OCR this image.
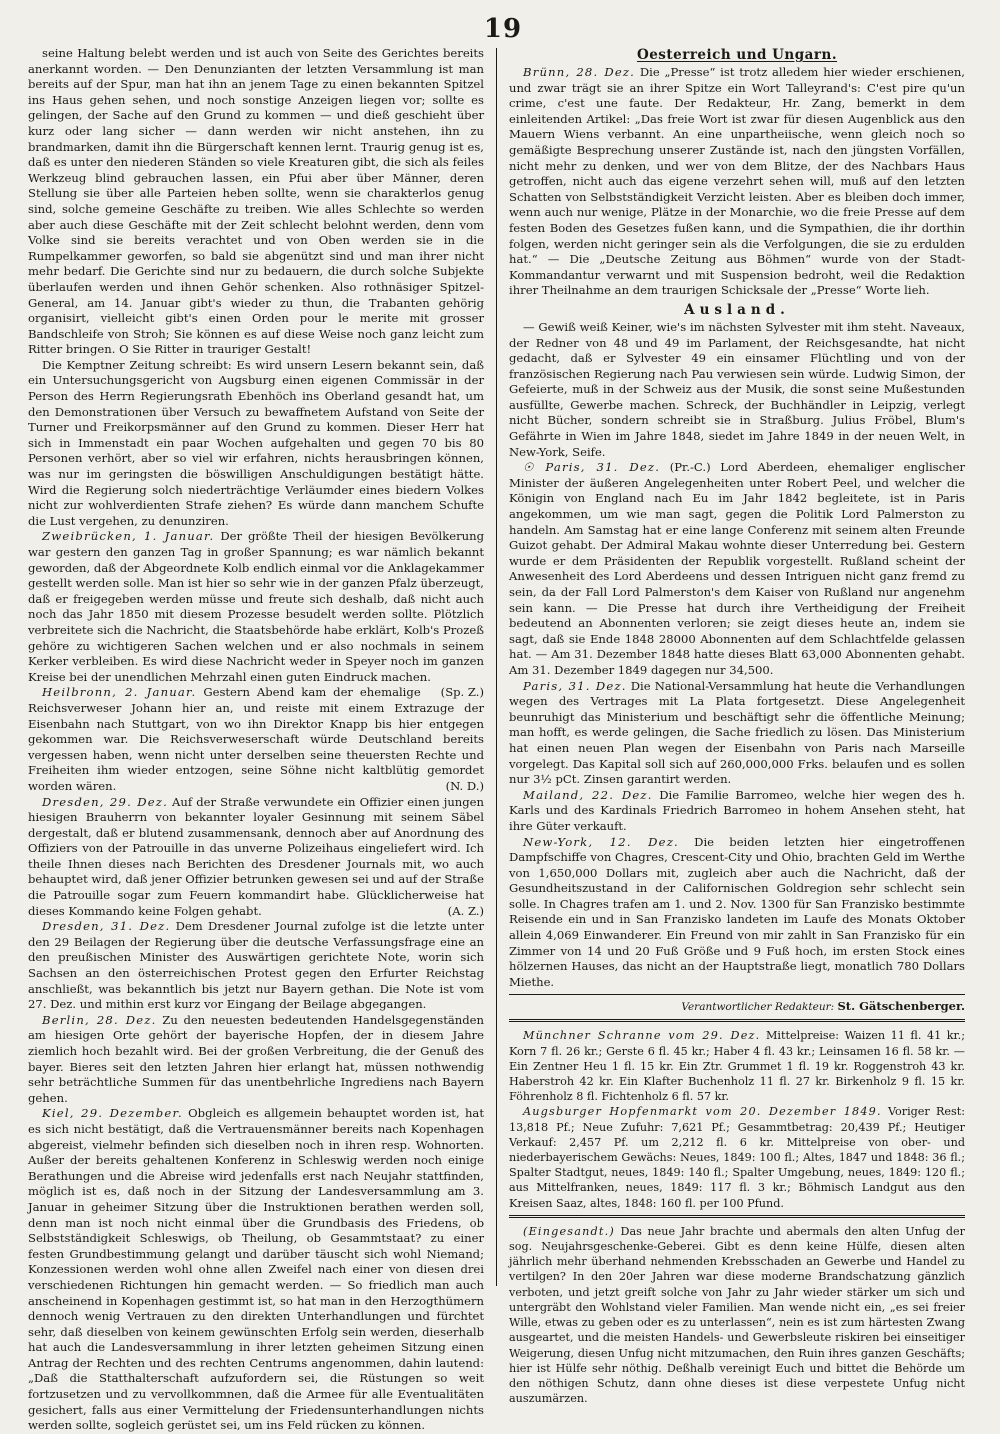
19

seine Haltung belebt werden und ist auch von Seite des Gerichtes bereits anerkannt worden. — Den Denunzianten der letzten Versammlung ist man bereits auf der Spur, man hat ihn an jenem Tage zu einen bekannten Spitzel ins Haus gehen sehen, und noch sonstige Anzeigen liegen vor; sollte es gelingen, der Sache auf den Grund zu kommen — und dieß geschieht über kurz oder lang sicher — dann werden wir nicht anstehen, ihn zu brandmarken, damit ihn die Bürgerschaft kennen lernt. Traurig genug ist es, daß es unter den niederen Ständen so viele Kreaturen gibt, die sich als feiles Werkzeug blind gebrauchen lassen, ein Pfui aber über Männer, deren Stellung sie über alle Parteien heben sollte, wenn sie charakterlos genug sind, solche gemeine Geschäfte zu treiben. Wie alles Schlechte so werden aber auch diese Geschäfte mit der Zeit schlecht belohnt werden, denn vom Volke sind sie bereits verachtet und von Oben werden sie in die Rumpelkammer geworfen, so bald sie abgenützt sind und man ihrer nicht mehr bedarf. Die Gerichte sind nur zu bedauern, die durch solche Subjekte überlaufen werden und ihnen Gehör schenken. Also rothnäsiger Spitzel-General, am 14. Januar gibt's wieder zu thun, die Trabanten gehörig organisirt, vielleicht gibt's einen Orden pour le merite mit grosser Bandschleife von Stroh; Sie können es auf diese Weise noch ganz leicht zum Ritter bringen. O Sie Ritter in trauriger Gestalt!

Die Kemptner Zeitung schreibt: Es wird unsern Lesern bekannt sein, daß ein Untersuchungsgericht von Augsburg einen eigenen Commissär in der Person des Herrn Regierungsrath Ebenhöch ins Oberland gesandt hat, um den Demonstrationen über Versuch zu bewaffnetem Aufstand von Seite der Turner und Freikorpsmänner auf den Grund zu kommen. Dieser Herr hat sich in Immenstadt ein paar Wochen aufgehalten und gegen 70 bis 80 Personen verhört, aber so viel wir erfahren, nichts herausbringen können, was nur im geringsten die böswilligen Anschuldigungen bestätigt hätte. Wird die Regierung solch niederträchtige Verläumder eines biedern Volkes nicht zur wohlverdienten Strafe ziehen? Es würde dann manchem Schufte die Lust vergehen, zu denunziren.

Zweibrücken, 1. Januar. Der größte Theil der hiesigen Bevölkerung war gestern den ganzen Tag in großer Spannung; es war nämlich bekannt geworden, daß der Abgeordnete Kolb endlich einmal vor die Anklagekammer gestellt werden solle. Man ist hier so sehr wie in der ganzen Pfalz überzeugt, daß er freigegeben werden müsse und freute sich deshalb, daß nicht auch noch das Jahr 1850 mit diesem Prozesse besudelt werden sollte. Plötzlich verbreitete sich die Nachricht, die Staatsbehörde habe erklärt, Kolb's Prozeß gehöre zu wichtigeren Sachen welchen und er also nochmals in seinem Kerker verbleiben. Es wird diese Nachricht weder in Speyer noch im ganzen Kreise bei der unendlichen Mehrzahl einen guten Eindruck machen.
(Sp. Z.)

Heilbronn, 2. Januar. Gestern Abend kam der ehemalige Reichsverweser Johann hier an, und reiste mit einem Extrazuge der Eisenbahn nach Stuttgart, von wo ihn Direktor Knapp bis hier entgegen gekommen war. Die Reichsverweserschaft würde Deutschland bereits vergessen haben, wenn nicht unter derselben seine theuersten Rechte und Freiheiten ihm wieder entzogen, seine Söhne nicht kaltblütig gemordet worden wären.	(N. D.)

Dresden, 29. Dez. Auf der Straße verwundete ein Offizier einen jungen hiesigen Brauherrn von bekannter loyaler Gesinnung mit seinem Säbel dergestalt, daß er blutend zusammensank, dennoch aber auf Anordnung des Offiziers von der Patrouille in das unverne Polizeihaus eingeliefert wird. Ich theile Ihnen dieses nach Berichten des Dresdener Journals mit, wo auch behauptet wird, daß jener Offizier betrunken gewesen sei und auf der Straße die Patrouille sogar zum Feuern kommandirt habe. Glücklicherweise hat dieses Kommando keine Folgen gehabt.	(A. Z.)

Dresden, 31. Dez. Dem Dresdener Journal zufolge ist die letzte unter den 29 Beilagen der Regierung über die deutsche Verfassungsfrage eine an den preußischen Minister des Auswärtigen gerichtete Note, worin sich Sachsen an den österreichischen Protest gegen den Erfurter Reichstag anschließt, was bekanntlich bis jetzt nur Bayern gethan. Die Note ist vom 27. Dez. und mithin erst kurz vor Eingang der Beilage abgegangen.

Berlin, 28. Dez. Zu den neuesten bedeutenden Handelsgegenständen am hiesigen Orte gehört der bayerische Hopfen, der in diesem Jahre ziemlich hoch bezahlt wird. Bei der großen Verbreitung, die der Genuß des bayer. Bieres seit den letzten Jahren hier erlangt hat, müssen nothwendig sehr beträchtliche Summen für das unentbehrliche Ingrediens nach Bayern gehen.

Kiel, 29. Dezember. Obgleich es allgemein behauptet worden ist, hat es sich nicht bestätigt, daß die Vertrauensmänner bereits nach Kopenhagen abgereist, vielmehr befinden sich dieselben noch in ihren resp. Wohnorten. Außer der bereits gehaltenen Konferenz in Schleswig werden noch einige Berathungen und die Abreise wird jedenfalls erst nach Neujahr stattfinden, möglich ist es, daß noch in der Sitzung der Landesversammlung am 3. Januar in geheimer Sitzung über die Instruktionen berathen werden soll, denn man ist noch nicht einmal über die Grundbasis des Friedens, ob Selbstständigkeit Schleswigs, ob Theilung, ob Gesammtstaat? zu einer festen Grundbestimmung gelangt und darüber täuscht sich wohl Niemand; Konzessionen werden wohl ohne allen Zweifel nach einer von diesen drei verschiedenen Richtungen hin gemacht werden. — So friedlich man auch anscheinend in Kopenhagen gestimmt ist, so hat man in den Herzogthümern dennoch wenig Vertrauen zu den direkten Unterhandlungen und fürchtet sehr, daß dieselben von keinem gewünschten Erfolg sein werden, dieserhalb hat auch die Landesversammlung in ihrer letzten geheimen Sitzung einen Antrag der Rechten und des rechten Centrums angenommen, dahin lautend: „Daß die Statthalterschaft aufzufordern sei, die Rüstungen so weit fortzusetzen und zu vervollkommnen, daß die Armee für alle Eventualitäten gesichert, falls aus einer Vermittelung der Friedensunterhandlungen nichts werden sollte, sogleich gerüstet sei, um ins Feld rücken zu können.

Oesterreich und Ungarn.

Brünn, 28. Dez. Die „Presse“ ist trotz alledem hier wieder erschienen, und zwar trägt sie an ihrer Spitze ein Wort Talleyrand's: C'est pire qu'un crime, c'est une faute. Der Redakteur, Hr. Zang, bemerkt in dem einleitenden Artikel: „Das freie Wort ist zwar für diesen Augenblick aus den Mauern Wiens verbannt. An eine unpartheiische, wenn gleich noch so gemäßigte Besprechung unserer Zustände ist, nach den jüngsten Vorfällen, nicht mehr zu denken, und wer von dem Blitze, der des Nachbars Haus getroffen, nicht auch das eigene verzehrt sehen will, muß auf den letzten Schatten von Selbstständigkeit Verzicht leisten. Aber es bleiben doch immer, wenn auch nur wenige, Plätze in der Monarchie, wo die freie Presse auf dem festen Boden des Gesetzes fußen kann, und die Sympathien, die ihr dorthin folgen, werden nicht geringer sein als die Verfolgungen, die sie zu erdulden hat.“ — Die „Deutsche Zeitung aus Böhmen“ wurde von der Stadt-Kommandantur verwarnt und mit Suspension bedroht, weil die Redaktion ihrer Theilnahme an dem traurigen Schicksale der „Presse“ Worte lieh.

Ausland.

— Gewiß weiß Keiner, wie's im nächsten Sylvester mit ihm steht. Naveaux, der Redner von 48 und 49 im Parlament, der Reichsgesandte, hat nicht gedacht, daß er Sylvester 49 ein einsamer Flüchtling und von der französischen Regierung nach Pau verwiesen sein würde. Ludwig Simon, der Gefeierte, muß in der Schweiz aus der Musik, die sonst seine Mußestunden ausfüllte, Gewerbe machen. Schreck, der Buchhändler in Leipzig, verlegt nicht Bücher, sondern schreibt sie in Straßburg. Julius Fröbel, Blum's Gefährte in Wien im Jahre 1848, siedet im Jahre 1849 in der neuen Welt, in New-York, Seife.

☉ Paris, 31. Dez. (Pr.-C.) Lord Aberdeen, ehemaliger englischer Minister der äußeren Angelegenheiten unter Robert Peel, und welcher die Königin von England nach Eu im Jahr 1842 begleitete, ist in Paris angekommen, um wie man sagt, gegen die Politik Lord Palmerston zu handeln. Am Samstag hat er eine lange Conferenz mit seinem alten Freunde Guizot gehabt. Der Admiral Makau wohnte dieser Unterredung bei. Gestern wurde er dem Präsidenten der Republik vorgestellt. Rußland scheint der Anwesenheit des Lord Aberdeens und dessen Intriguen nicht ganz fremd zu sein, da der Fall Lord Palmerston's dem Kaiser von Rußland nur angenehm sein kann. — Die Presse hat durch ihre Vertheidigung der Freiheit bedeutend an Abonnenten verloren; sie zeigt dieses heute an, indem sie sagt, daß sie Ende 1848 28000 Abonnenten auf dem Schlachtfelde gelassen hat. — Am 31. Dezember 1848 hatte dieses Blatt 63,000 Abonnenten gehabt. Am 31. Dezember 1849 dagegen nur 34,500.

Paris, 31. Dez. Die National-Versammlung hat heute die Verhandlungen wegen des Vertrages mit La Plata fortgesetzt. Diese Angelegenheit beunruhigt das Ministerium und beschäftigt sehr die öffentliche Meinung; man hofft, es werde gelingen, die Sache friedlich zu lösen. Das Ministerium hat einen neuen Plan wegen der Eisenbahn von Paris nach Marseille vorgelegt. Das Kapital soll sich auf 260,000,000 Frks. belaufen und es sollen nur 3½ pCt. Zinsen garantirt werden.

Mailand, 22. Dez. Die Familie Barromeo, welche hier wegen des h. Karls und des Kardinals Friedrich Barromeo in hohem Ansehen steht, hat ihre Güter verkauft.

New-York, 12. Dez. Die beiden letzten hier eingetroffenen Dampfschiffe von Chagres, Crescent-City und Ohio, brachten Geld im Werthe von 1,650,000 Dollars mit, zugleich aber auch die Nachricht, daß der Gesundheitszustand in der Californischen Goldregion sehr schlecht sein solle. In Chagres trafen am 1. und 2. Nov. 1300 für San Franzisko bestimmte Reisende ein und in San Franzisko landeten im Laufe des Monats Oktober allein 4,069 Einwanderer. Ein Freund von mir zahlt in San Franzisko für ein Zimmer von 14 und 20 Fuß Größe und 9 Fuß hoch, im ersten Stock eines hölzernen Hauses, das nicht an der Hauptstraße liegt, monatlich 780 Dollars Miethe.

Verantwortlicher Redakteur: St. Gätschenberger.

Münchner Schranne vom 29. Dez. Mittelpreise: Waizen 11 fl. 41 kr.; Korn 7 fl. 26 kr.; Gerste 6 fl. 45 kr.; Haber 4 fl. 43 kr.; Leinsamen 16 fl. 58 kr. — Ein Zentner Heu 1 fl. 15 kr. Ein Ztr. Grummet 1 fl. 19 kr. Roggenstroh 43 kr. Haberstroh 42 kr. Ein Klafter Buchenholz 11 fl. 27 kr. Birkenholz 9 fl. 15 kr. Föhrenholz 8 fl. Fichtenholz 6 fl. 57 kr.

Augsburger Hopfenmarkt vom 20. Dezember 1849. Voriger Rest: 13,818 Pf.; Neue Zufuhr: 7,621 Pf.; Gesammtbetrag: 20,439 Pf.; Heutiger Verkauf: 2,457 Pf. um 2,212 fl. 6 kr. Mittelpreise von ober- und niederbayerischem Gewächs: Neues, 1849: 100 fl.; Altes, 1847 und 1848: 36 fl.; Spalter Stadtgut, neues, 1849: 140 fl.; Spalter Umgebung, neues, 1849: 120 fl.; aus Mittelfranken, neues, 1849: 117 fl. 3 kr.; Böhmisch Landgut aus den Kreisen Saaz, altes, 1848: 160 fl. per 100 Pfund.

(Eingesandt.) Das neue Jahr brachte und abermals den alten Unfug der sog. Neujahrsgeschenke-Geberei. Gibt es denn keine Hülfe, diesen alten jährlich mehr überhand nehmenden Krebsschaden an Gewerbe und Handel zu vertilgen? In den 20er Jahren war diese moderne Brandschatzung gänzlich verboten, und jetzt greift solche von Jahr zu Jahr wieder stärker um sich und untergräbt den Wohlstand vieler Familien. Man wende nicht ein, „es sei freier Wille, etwas zu geben oder es zu unterlassen“, nein es ist zum härtesten Zwang ausgeartet, und die meisten Handels- und Gewerbsleute riskiren bei einseitiger Weigerung, diesen Unfug nicht mitzumachen, den Ruin ihres ganzen Geschäfts; hier ist Hülfe sehr nöthig. Deßhalb vereinigt Euch und bittet die Behörde um den nöthigen Schutz, dann ohne dieses ist diese verpestete Unfug nicht auszumärzen.
